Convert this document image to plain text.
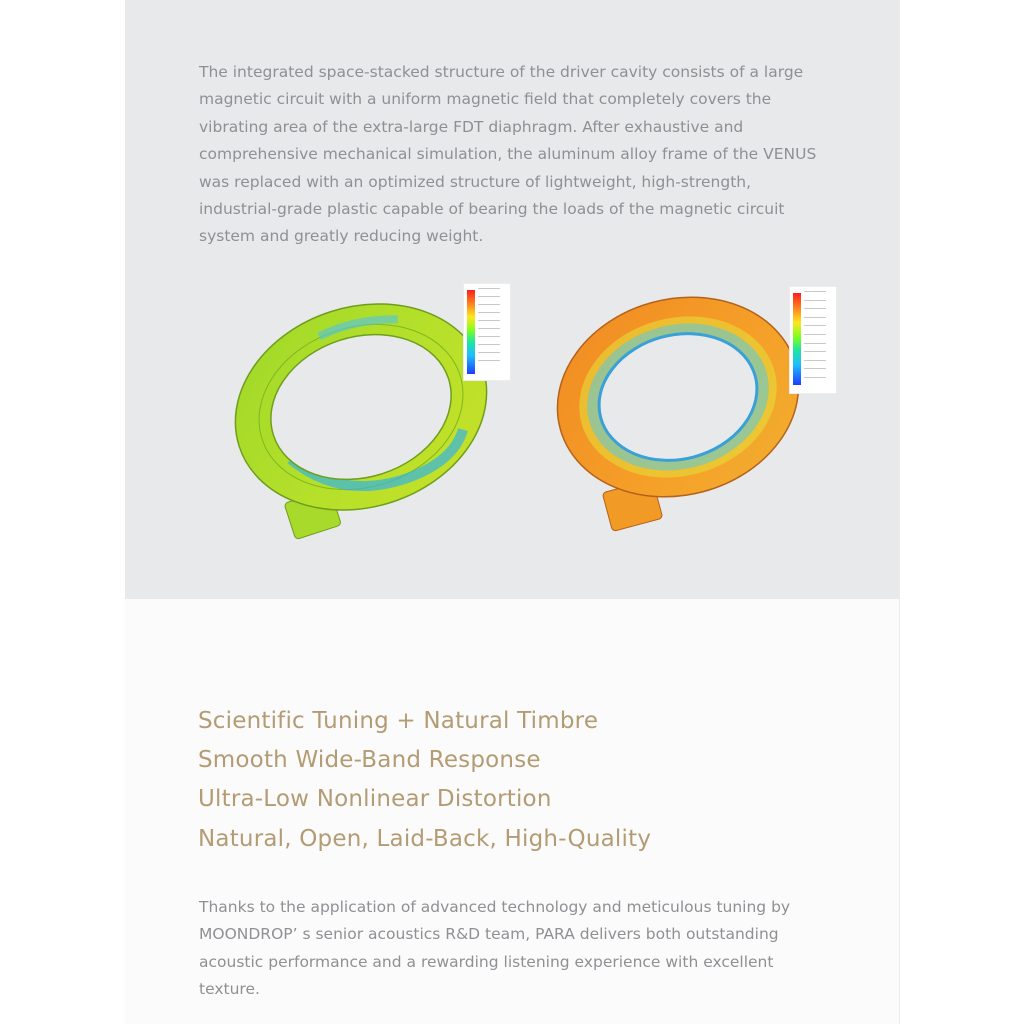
The integrated space-stacked structure of the driver cavity consists of a large
magnetic circuit with a uniform magnetic field that completely covers the
vibrating area of the extra-large FDT diaphragm. After exhaustive and
comprehensive mechanical simulation, the aluminum alloy frame of the VENUS
was replaced with an optimized structure of lightweight, high-strength,
industrial-grade plastic capable of bearing the loads of the magnetic circuit
system and greatly reducing weight.

Scientific Tuning + Natural Timbre
Smooth Wide-Band Response
Ultra-Low Nonlinear Distortion
Natural, Open, Laid-Back, High-Quality

Thanks to the application of advanced technology and meticulous tuning by
MOONDROP’ s senior acoustics R&D team, PARA delivers both outstanding
acoustic performance and a rewarding listening experience with excellent
texture.
